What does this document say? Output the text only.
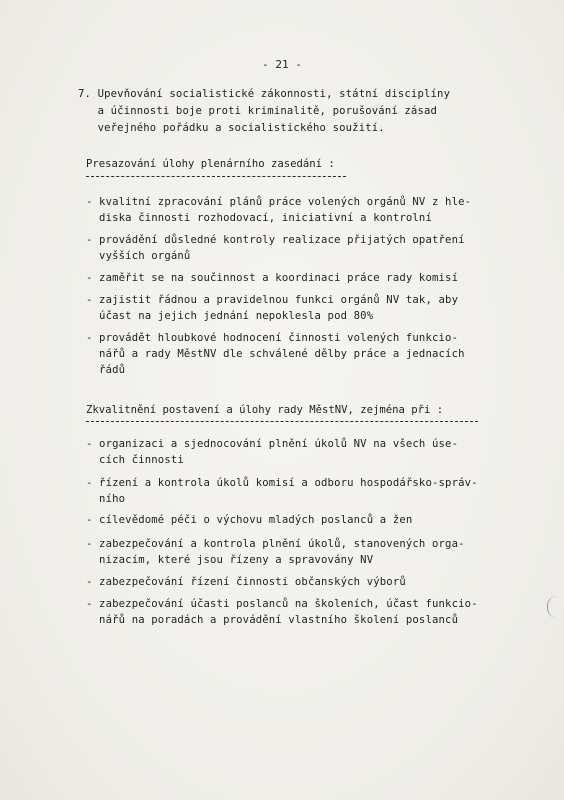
- 21 -
7. Upevňování socialistické zákonnosti, státní disciplíny
a účinnosti boje proti kriminalitě, porušování zásad
veřejného pořádku a socialistického soužití.
Presazování úlohy plenárního zasedání :
- kvalitní zpracování plánů práce volených orgánů NV z hle-
diska činnosti rozhodovací, iniciativní a kontrolní
- provádění důsledné kontroly realizace přijatých opatření
vyšších orgánů
- zaměřit se na součinnost a koordinaci práce rady komisí
- zajistit řádnou a pravidelnou funkci orgánů NV tak, aby
účast na jejich jednání nepoklesla pod 80%
- provádět hloubkové hodnocení činnosti volených funkcio-
nářů a rady MěstNV dle schválené dělby práce a jednacích
řádů
Zkvalitnění postavení a úlohy rady MěstNV, zejména při :
- organizaci a sjednocování plnění úkolů NV na všech úse-
cích činnosti
- řízení a kontrola úkolů komisí a odboru hospodářsko-správ-
ního
- cílevědomé péči o výchovu mladých poslanců a žen
- zabezpečování a kontrola plnění úkolů, stanovených orga-
nizacím, které jsou řízeny a spravovány NV
- zabezpečování řízení činnosti občanských výborů
- zabezpečování účasti poslanců na školeních, účast funkcio-
nářů na poradách a provádění vlastního školení poslanců
